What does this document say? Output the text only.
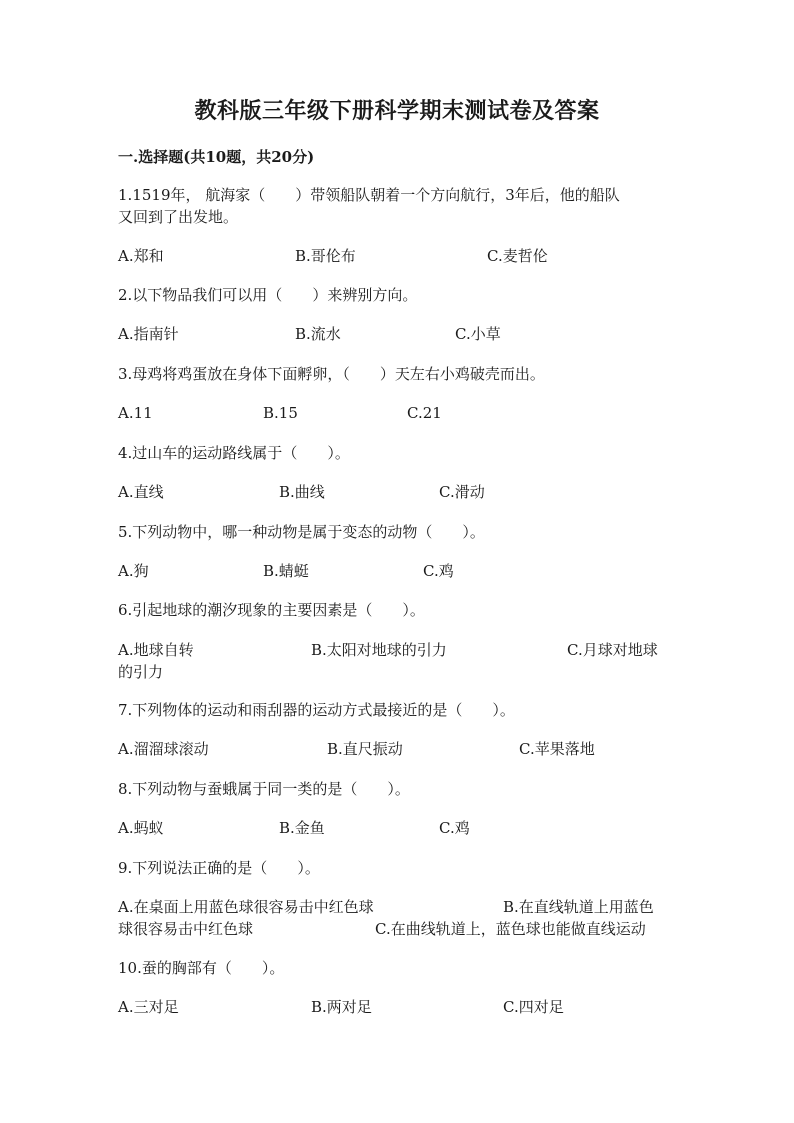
教科版三年级下册科学期末测试卷及答案
一.选择题(共10题，共20分)
1.1519年， 航海家（　　）带领船队朝着一个方向航行，3年后，他的船队
又回到了出发地。
A.郑和	B.哥伦布	C.麦哲伦
2.以下物品我们可以用（　　）来辨别方向。
A.指南针	B.流水	C.小草
3.母鸡将鸡蛋放在身体下面孵卵，（　　）天左右小鸡破壳而出。
A.11	B.15	C.21
4.过山车的运动路线属于（　　）。
A.直线	B.曲线	C.滑动
5.下列动物中，哪一种动物是属于变态的动物（　　）。
A.狗	B.蜻蜓	C.鸡
6.引起地球的潮汐现象的主要因素是（　　）。
A.地球自转	B.太阳对地球的引力	C.月球对地球
的引力
7.下列物体的运动和雨刮器的运动方式最接近的是（　　）。
A.溜溜球滚动	B.直尺振动	C.苹果落地
8.下列动物与蚕蛾属于同一类的是（　　）。
A.蚂蚁	B.金鱼	C.鸡
9.下列说法正确的是（　　）。
A.在桌面上用蓝色球很容易击中红色球	B.在直线轨道上用蓝色
球很容易击中红色球	C.在曲线轨道上，蓝色球也能做直线运动
10.蚕的胸部有（　　）。
A.三对足	B.两对足	C.四对足
